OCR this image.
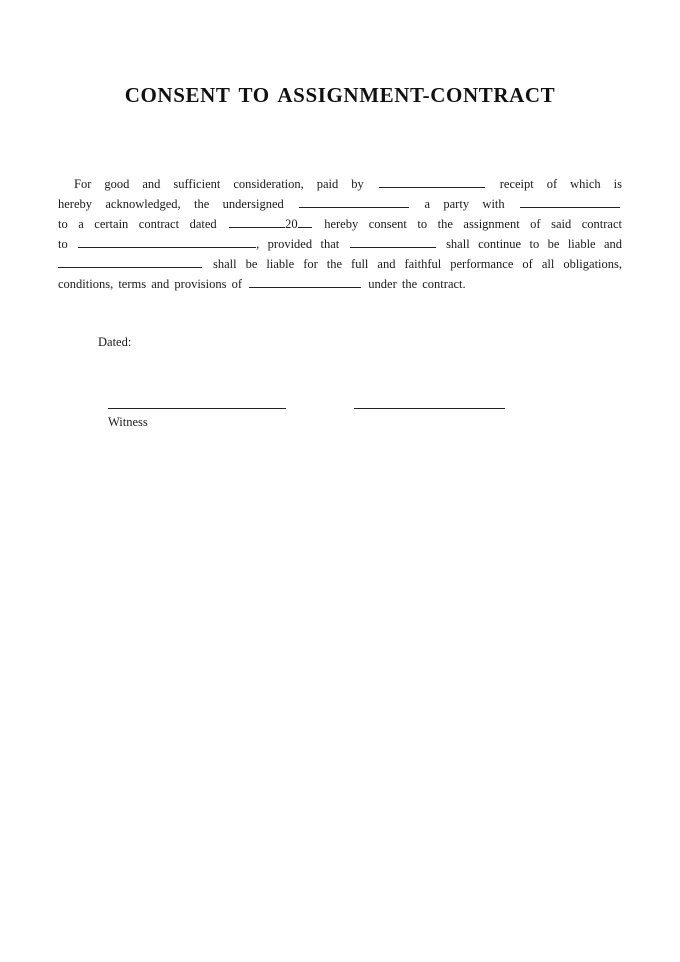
CONSENT TO ASSIGNMENT-CONTRACT
For good and sufficient consideration, paid by	receipt of which is
hereby acknowledged, the undersigned	a party with
to a certain contract dated	20 hereby consent to the assignment of said contract
to	, provided that	shall continue to be liable and
shall be liable for the full and faithful performance of all obligations,
conditions, terms and provisions of	under the contract.
Dated:
Witness
